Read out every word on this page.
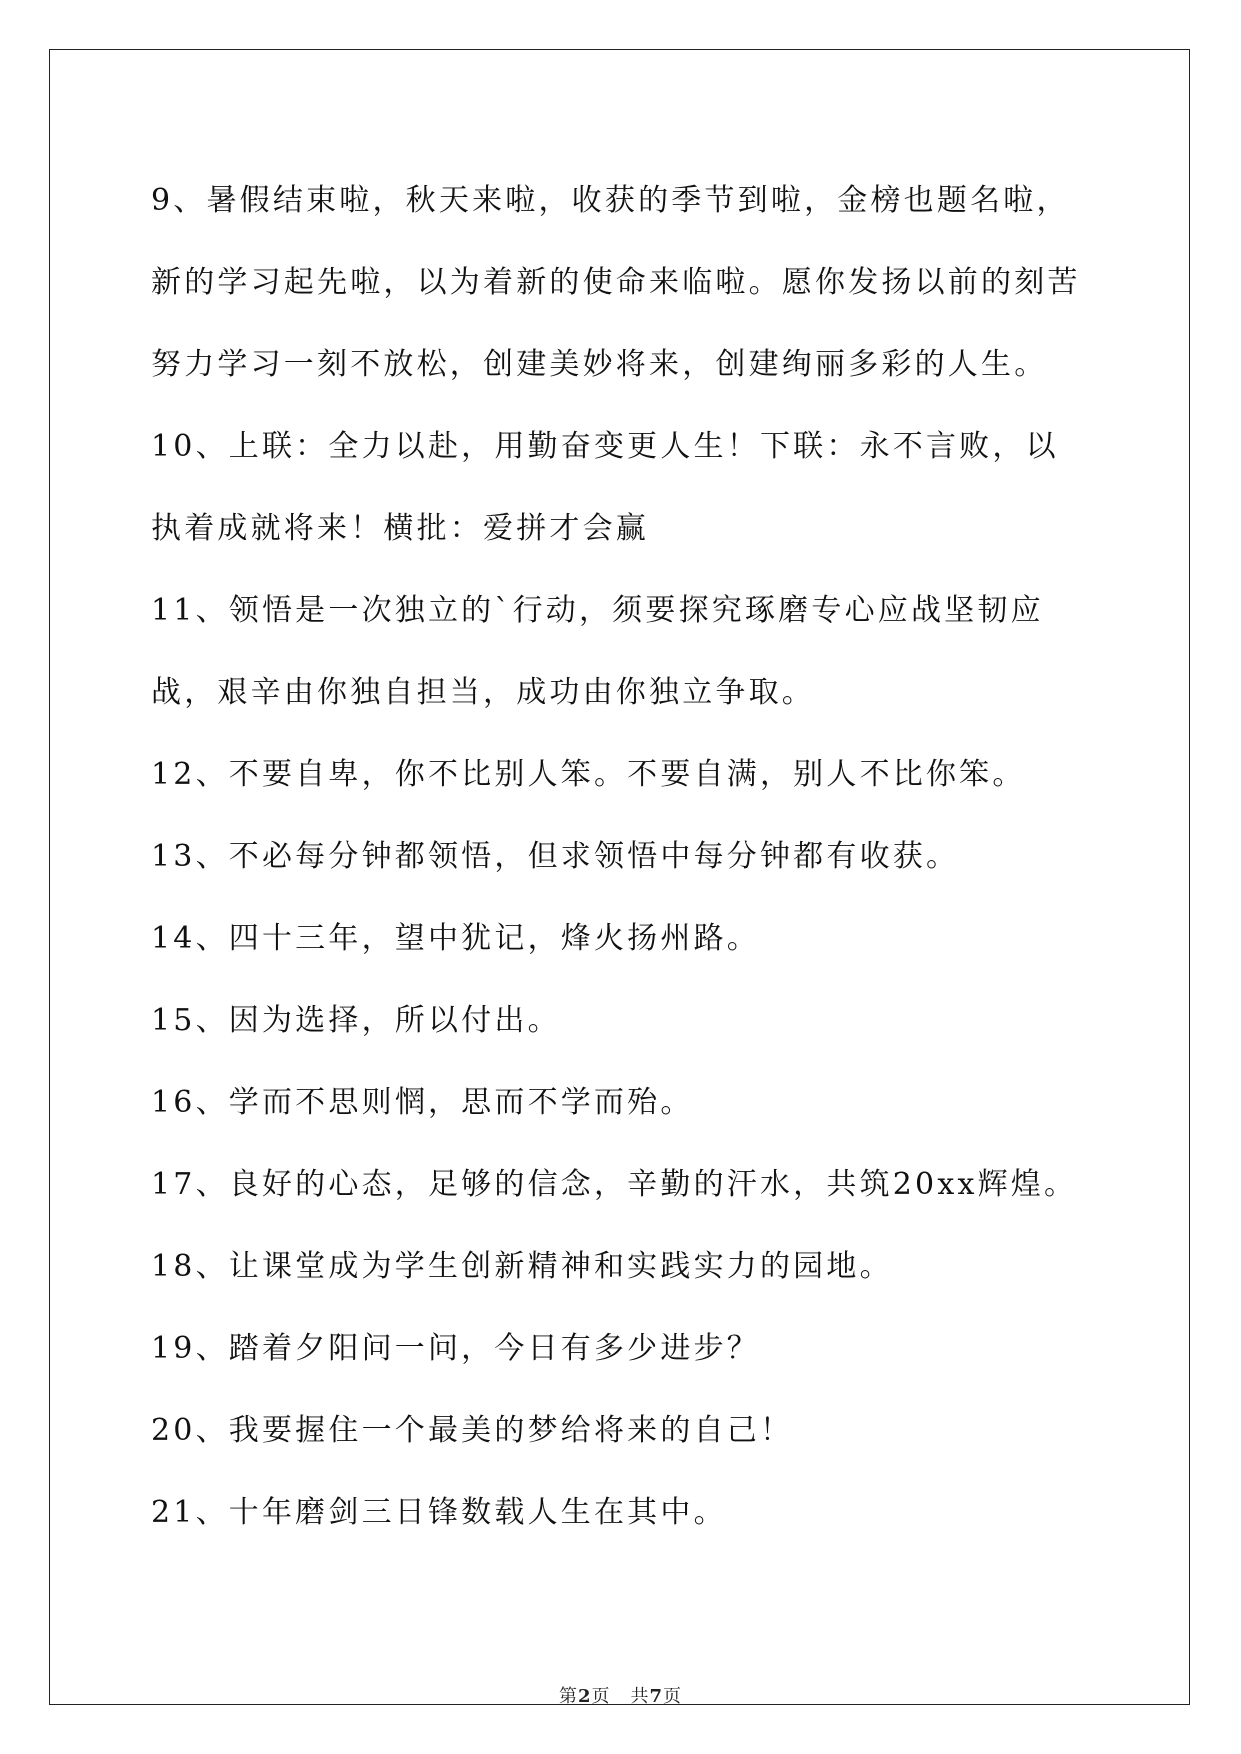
9、暑假结束啦，秋天来啦，收获的季节到啦，金榜也题名啦，新的学习起先啦，以为着新的使命来临啦。愿你发扬以前的刻苦努力学习一刻不放松，创建美妙将来，创建绚丽多彩的人生。

10、上联：全力以赴，用勤奋变更人生！下联：永不言败，以执着成就将来！横批：爱拼才会赢

11、领悟是一次独立的`行动，须要探究琢磨专心应战坚韧应战，艰辛由你独自担当，成功由你独立争取。

12、不要自卑，你不比别人笨。不要自满，别人不比你笨。

13、不必每分钟都领悟，但求领悟中每分钟都有收获。

14、四十三年，望中犹记，烽火扬州路。

15、因为选择，所以付出。

16、学而不思则惘，思而不学而殆。

17、良好的心态，足够的信念，辛勤的汗水，共筑20xx辉煌。

18、让课堂成为学生创新精神和实践实力的园地。

19、踏着夕阳问一问，今日有多少进步？

20、我要握住一个最美的梦给将来的自己！

21、十年磨剑三日锋数载人生在其中。

第2页 共7页
